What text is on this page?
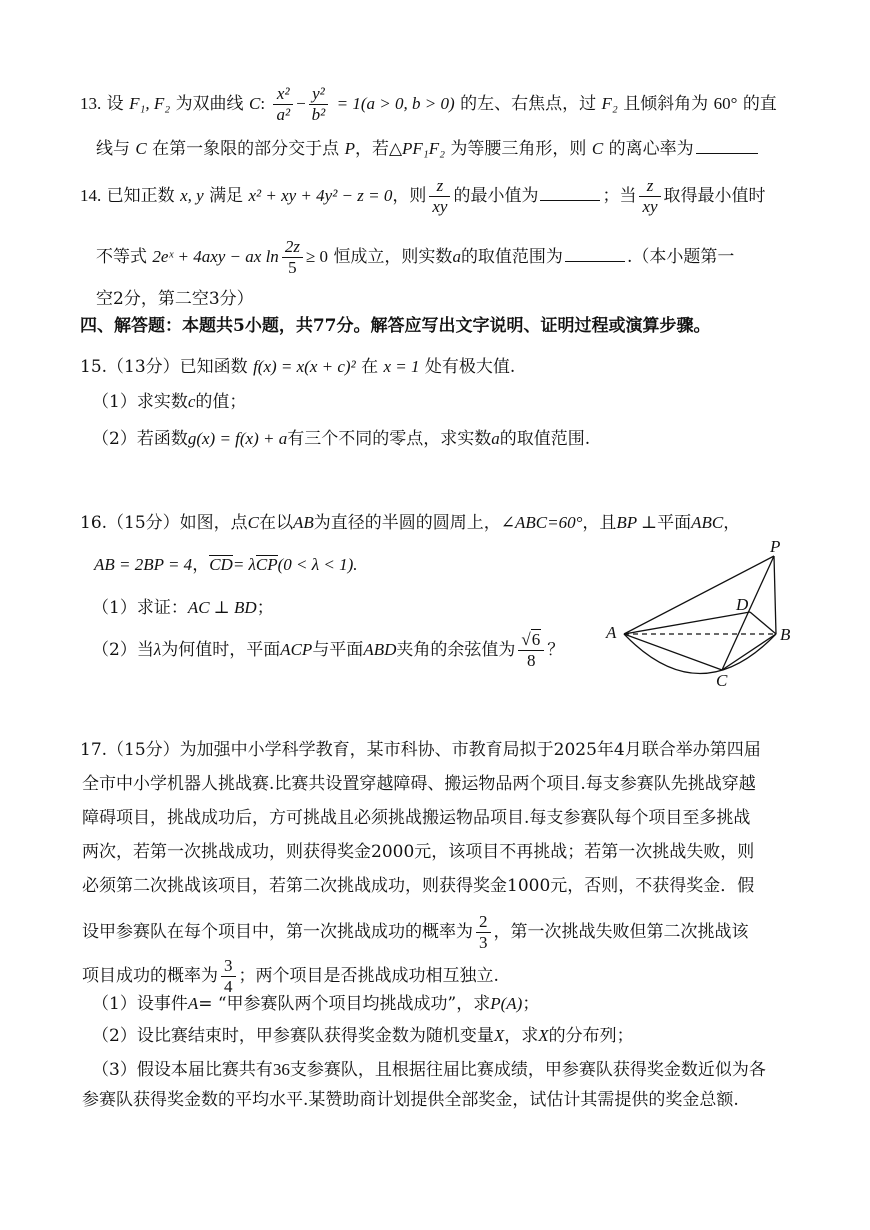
13. 设 F₁, F₂ 为双曲线 C: $\frac{\text{x²}}{\text{a²}} - \frac{\text{y²}}{\text{b²}} = 1(a > 0$, b > 0) 的左、右焦点，过 F₂ 且倾斜角为 60° 的直
线与 C 在第一象限的部分交于点 P，若△PF₁F₂ 为等腰三角形，则 C 的离心率为
14. 已知正数 x, y 满足 x² + xy + 4y² − z = 0，则 $\frac{z}{xy}$ 的最小值为	；当 $\frac{z}{xy}$ 取得最小值时
不等式 2eˣ + 4axy − ax $\ln \frac{2z}{5} \ge 0$ 恒成立，则实数a的取值范围为	.（本小题第一
空2分，第二空3分）
四、解答题：本题共5小题，共77分。解答应写出文字说明、证明过程或演算步骤。
15.（13分）已知函数 f(x) = x(x + c)² 在 x = 1 处有极大值.
（1）求实数c的值；
（2）若函数g(x) = f(x) + a有三个不同的零点，求实数a的取值范围.
16.（15分）如图，点C在以AB为直径的半圆的圆周上，∠ABC=60°，且BP ⊥平面ABC，
AB = 2BP = 4，CD= λCP(0 < λ < 1).
（1）求证：AC ⊥ BD；
（2）当λ为何值时，平面ACP与平面ABD夹角的余弦值为 $\frac{√6}{8}$ ？
P
D
A	B
C
17.（15分）为加强中小学科学教育，某市科协、市教育局拟于2025年4月联合举办第四届
全市中小学机器人挑战赛.比赛共设置穿越障碍、搬运物品两个项目.每支参赛队先挑战穿越
障碍项目，挑战成功后，方可挑战且必须挑战搬运物品项目.每支参赛队每个项目至多挑战
两次，若第一次挑战成功，则获得奖金2000元，该项目不再挑战；若第一次挑战失败，则
必须第二次挑战该项目，若第二次挑战成功，则获得奖金1000元，否则，不获得奖金．假
设甲参赛队在每个项目中，第一次挑战成功的概率为 $\frac{2}{3}$ ，第一次挑战失败但第二次挑战该
项目成功的概率为 $\frac{3}{4}$ ；两个项目是否挑战成功相互独立.
（1）设事件A= “甲参赛队两个项目均挑战成功”，求P(A)；
（2）设比赛结束时，甲参赛队获得奖金数为随机变量X，求X的分布列；
（3）假设本届比赛共有36支参赛队，且根据往届比赛成绩，甲参赛队获得奖金数近似为各
参赛队获得奖金数的平均水平.某赞助商计划提供全部奖金，试估计其需提供的奖金总额.
